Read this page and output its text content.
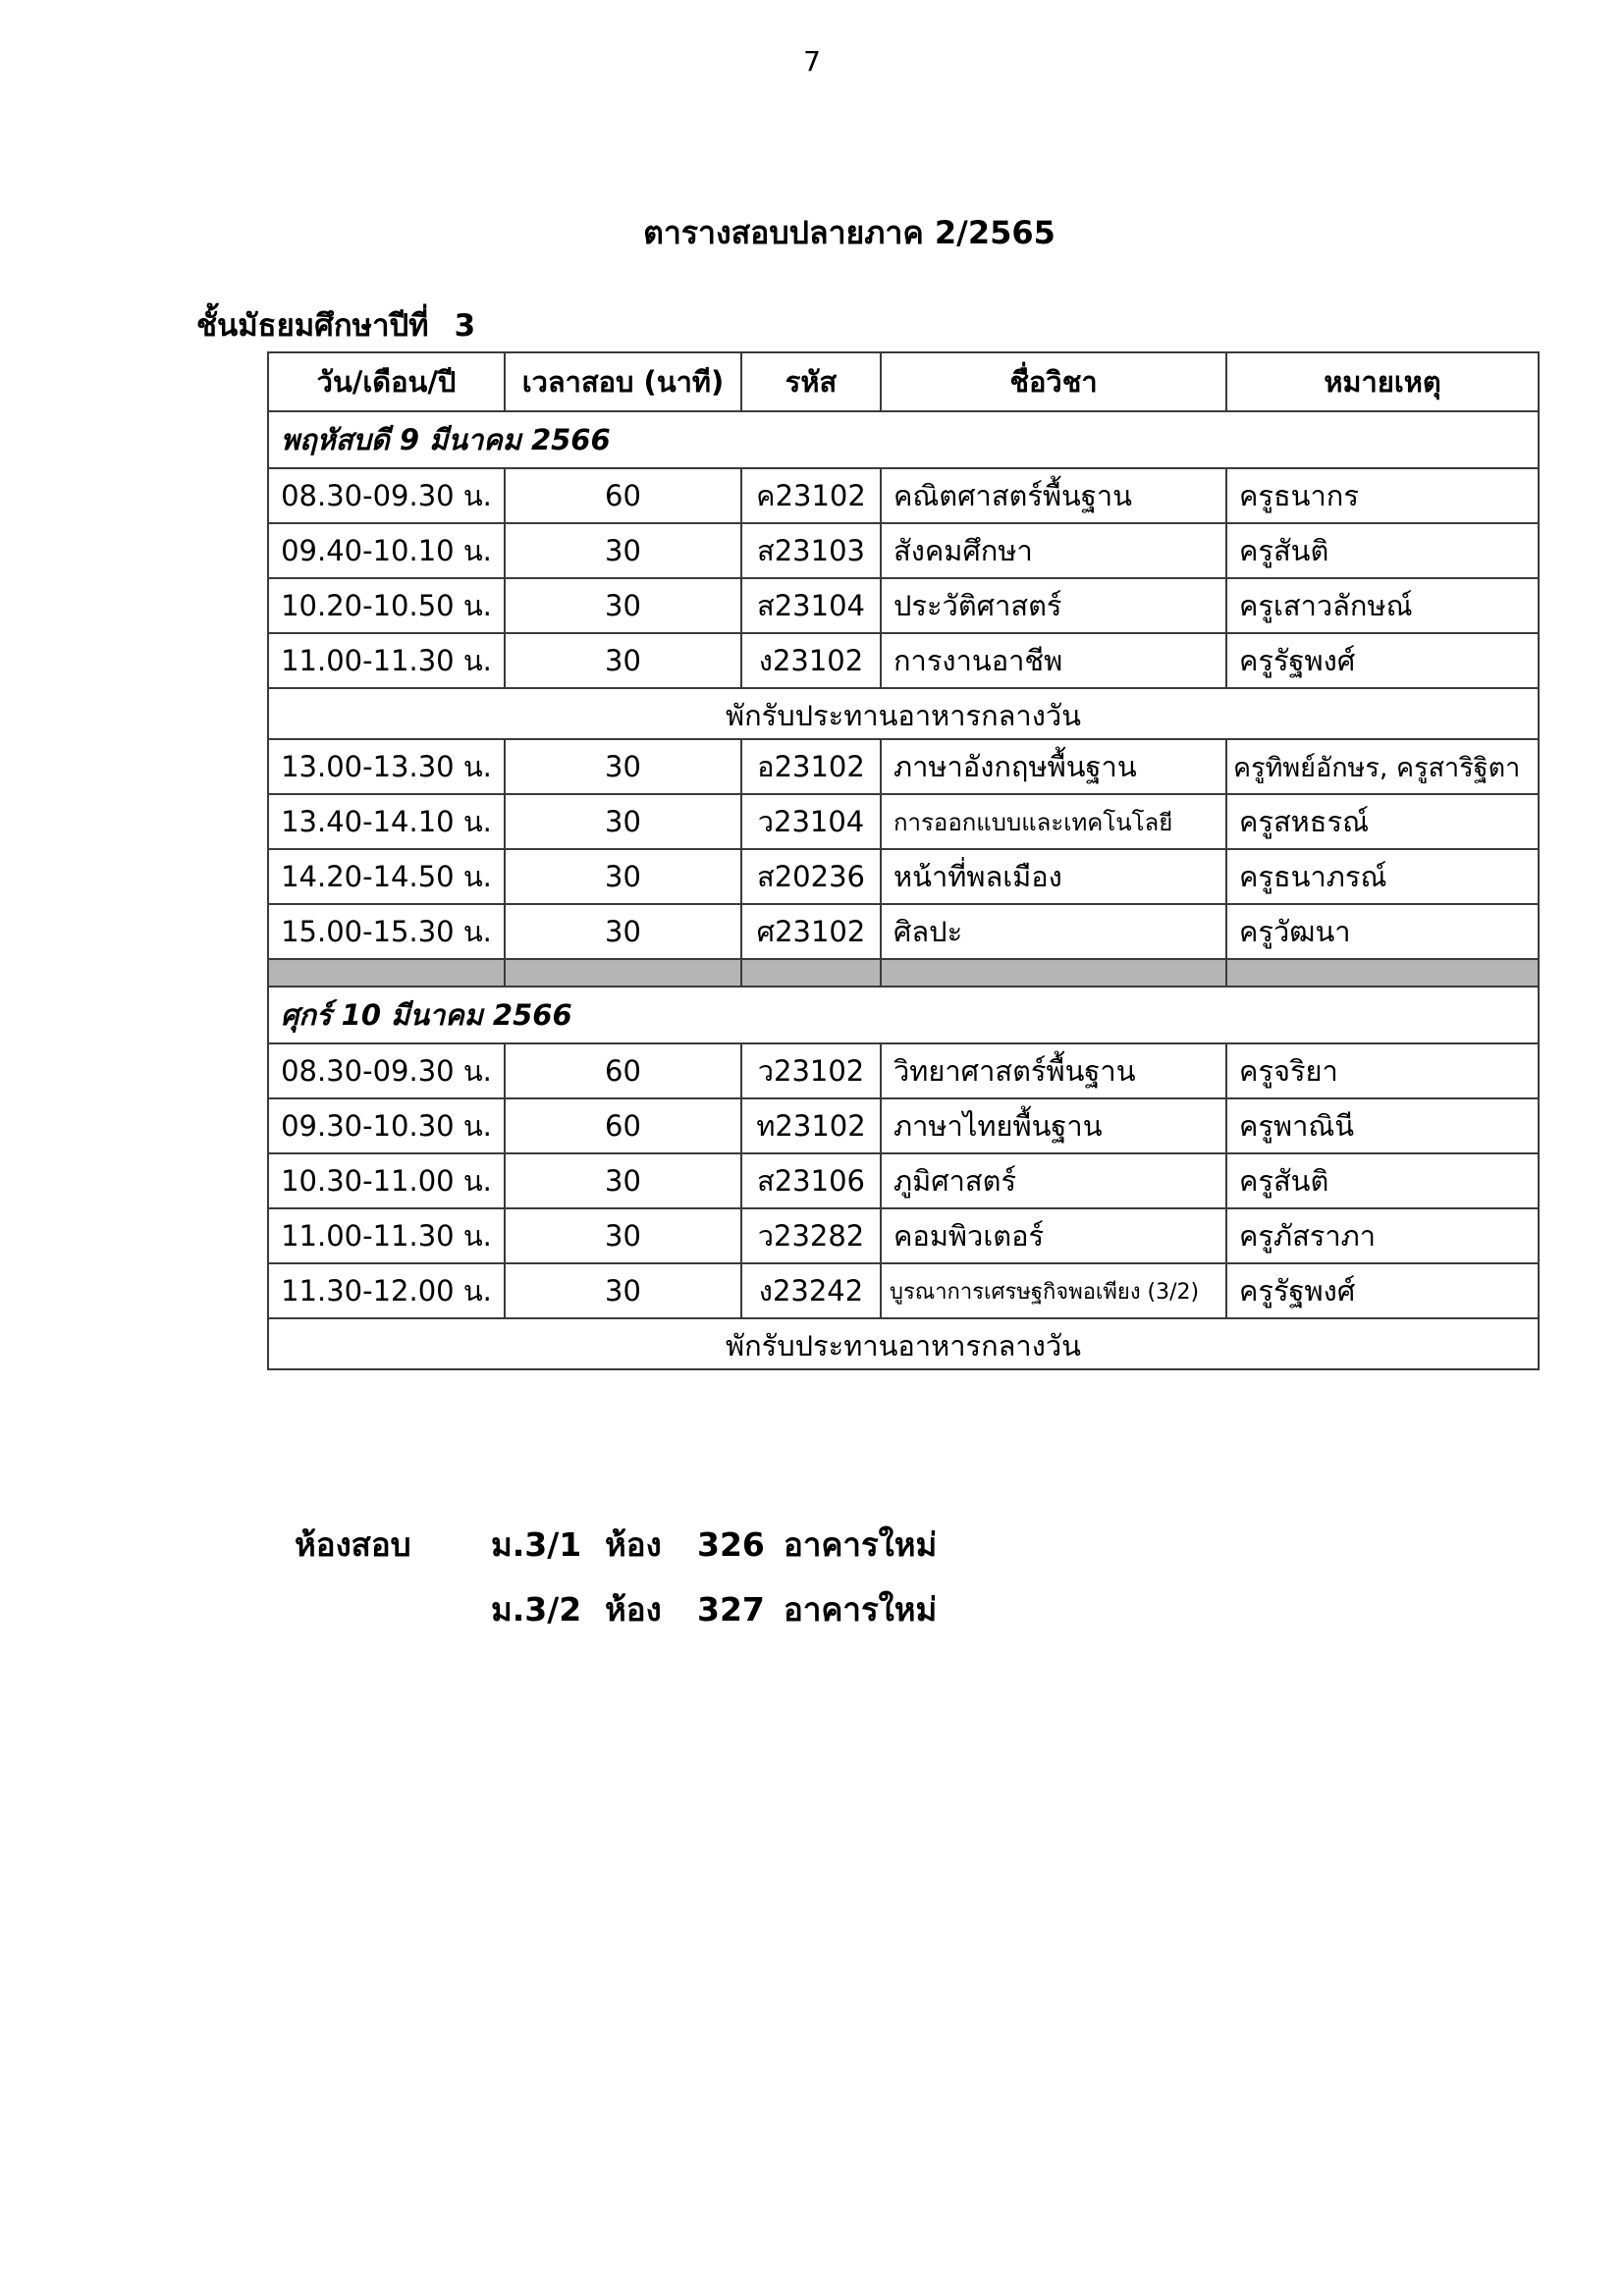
7
ตารางสอบปลายภาค 2/2565
ชั้นมัธยมศึกษาปีที่ 3
วัน/เดือน/ปี	เวลาสอบ (นาที)	รหัส	ชื่อวิชา	หมายเหตุ
พฤหัสบดี 9 มีนาคม 2566				
08.30-09.30 น.	60	ค23102	คณิตศาสตร์พื้นฐาน	ครูธนากร
09.40-10.10 น.	30	ส23103	สังคมศึกษา	ครูสันติ
10.20-10.50 น.	30	ส23104	ประวัติศาสตร์	ครูเสาวลักษณ์
11.00-11.30 น.	30	ง23102	การงานอาชีพ	ครูรัฐพงศ์
พักรับประทานอาหารกลางวัน				
13.00-13.30 น.	30	อ23102	ภาษาอังกฤษพื้นฐาน	ครูทิพย์อักษร, ครูสาริฐิตา
13.40-14.10 น.	30	ว23104	การออกแบบและเทคโนโลยี	ครูสหธรณ์
14.20-14.50 น.	30	ส20236	หน้าที่พลเมือง	ครูธนาภรณ์
15.00-15.30 น.	30	ศ23102	ศิลปะ	ครูวัฒนา

ศุกร์ 10 มีนาคม 2566				
08.30-09.30 น.	60	ว23102	วิทยาศาสตร์พื้นฐาน	ครูจริยา
09.30-10.30 น.	60	ท23102	ภาษาไทยพื้นฐาน	ครูพาณินี
10.30-11.00 น.	30	ส23106	ภูมิศาสตร์	ครูสันติ
11.00-11.30 น.	30	ว23282	คอมพิวเตอร์	ครูภัสราภา
11.30-12.00 น.	30	ง23242	บูรณาการเศรษฐกิจพอเพียง (3/2)	ครูรัฐพงศ์
พักรับประทานอาหารกลางวัน				
ห้องสอบ	ม.3/1 ห้อง	326 อาคารใหม่
ม.3/2 ห้อง	327 อาคารใหม่
